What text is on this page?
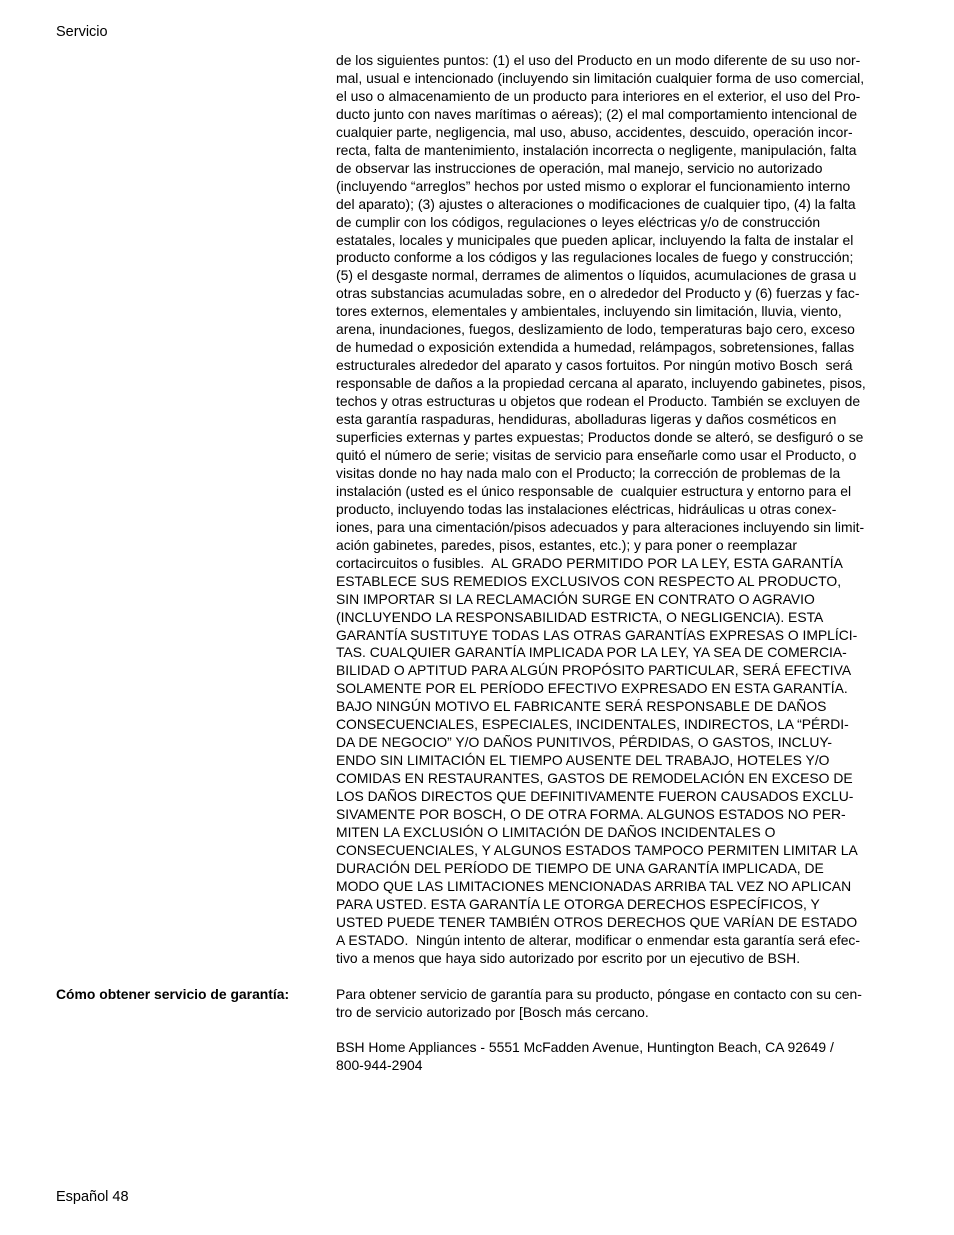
Servicio
de los siguientes puntos: (1) el uso del Producto en un modo diferente de su uso nor-
mal, usual e intencionado (incluyendo sin limitación cualquier forma de uso comercial,
el uso o almacenamiento de un producto para interiores en el exterior, el uso del Pro-
ducto junto con naves marítimas o aéreas); (2) el mal comportamiento intencional de
cualquier parte, negligencia, mal uso, abuso, accidentes, descuido, operación incor-
recta, falta de mantenimiento, instalación incorrecta o negligente, manipulación, falta
de observar las instrucciones de operación, mal manejo, servicio no autorizado
(incluyendo “arreglos” hechos por usted mismo o explorar el funcionamiento interno
del aparato); (3) ajustes o alteraciones o modificaciones de cualquier tipo, (4) la falta
de cumplir con los códigos, regulaciones o leyes eléctricas y/o de construcción
estatales, locales y municipales que pueden aplicar, incluyendo la falta de instalar el
producto conforme a los códigos y las regulaciones locales de fuego y construcción;
(5) el desgaste normal, derrames de alimentos o líquidos, acumulaciones de grasa u
otras substancias acumuladas sobre, en o alrededor del Producto y (6) fuerzas y fac-
tores externos, elementales y ambientales, incluyendo sin limitación, lluvia, viento,
arena, inundaciones, fuegos, deslizamiento de lodo, temperaturas bajo cero, exceso
de humedad o exposición extendida a humedad, relámpagos, sobretensiones, fallas
estructurales alrededor del aparato y casos fortuitos. Por ningún motivo Bosch  será
responsable de daños a la propiedad cercana al aparato, incluyendo gabinetes, pisos,
techos y otras estructuras u objetos que rodean el Producto. También se excluyen de
esta garantía raspaduras, hendiduras, abolladuras ligeras y daños cosméticos en
superficies externas y partes expuestas; Productos donde se alteró, se desfiguró o se
quitó el número de serie; visitas de servicio para enseñarle como usar el Producto, o
visitas donde no hay nada malo con el Producto; la corrección de problemas de la
instalación (usted es el único responsable de  cualquier estructura y entorno para el
producto, incluyendo todas las instalaciones eléctricas, hidráulicas u otras conex-
iones, para una cimentación/pisos adecuados y para alteraciones incluyendo sin limit-
ación gabinetes, paredes, pisos, estantes, etc.); y para poner o reemplazar
cortacircuitos o fusibles.  AL GRADO PERMITIDO POR LA LEY, ESTA GARANTÍA
ESTABLECE SUS REMEDIOS EXCLUSIVOS CON RESPECTO AL PRODUCTO,
SIN IMPORTAR SI LA RECLAMACIÓN SURGE EN CONTRATO O AGRAVIO
(INCLUYENDO LA RESPONSABILIDAD ESTRICTA, O NEGLIGENCIA). ESTA
GARANTÍA SUSTITUYE TODAS LAS OTRAS GARANTÍAS EXPRESAS O IMPLÍCI-
TAS. CUALQUIER GARANTÍA IMPLICADA POR LA LEY, YA SEA DE COMERCIA-
BILIDAD O APTITUD PARA ALGÚN PROPÓSITO PARTICULAR, SERÁ EFECTIVA
SOLAMENTE POR EL PERÍODO EFECTIVO EXPRESADO EN ESTA GARANTÍA.
BAJO NINGÚN MOTIVO EL FABRICANTE SERÁ RESPONSABLE DE DAÑOS
CONSECUENCIALES, ESPECIALES, INCIDENTALES, INDIRECTOS, LA “PÉRDI-
DA DE NEGOCIO” Y/O DAÑOS PUNITIVOS, PÉRDIDAS, O GASTOS, INCLUY-
ENDO SIN LIMITACIÓN EL TIEMPO AUSENTE DEL TRABAJO, HOTELES Y/O
COMIDAS EN RESTAURANTES, GASTOS DE REMODELACIÓN EN EXCESO DE
LOS DAÑOS DIRECTOS QUE DEFINITIVAMENTE FUERON CAUSADOS EXCLU-
SIVAMENTE POR BOSCH, O DE OTRA FORMA. ALGUNOS ESTADOS NO PER-
MITEN LA EXCLUSIÓN O LIMITACIÓN DE DAÑOS INCIDENTALES O
CONSECUENCIALES, Y ALGUNOS ESTADOS TAMPOCO PERMITEN LIMITAR LA
DURACIÓN DEL PERÍODO DE TIEMPO DE UNA GARANTÍA IMPLICADA, DE
MODO QUE LAS LIMITACIONES MENCIONADAS ARRIBA TAL VEZ NO APLICAN
PARA USTED. ESTA GARANTÍA LE OTORGA DERECHOS ESPECÍFICOS, Y
USTED PUEDE TENER TAMBIÉN OTROS DERECHOS QUE VARÍAN DE ESTADO
A ESTADO.  Ningún intento de alterar, modificar o enmendar esta garantía será efec-
tivo a menos que haya sido autorizado por escrito por un ejecutivo de BSH.
Cómo obtener servicio de garantía:	Para obtener servicio de garantía para su producto, póngase en contacto con su cen-
tro de servicio autorizado por [Bosch más cercano.
BSH Home Appliances - 5551 McFadden Avenue, Huntington Beach, CA 92649 /
800-944-2904
Español 48
